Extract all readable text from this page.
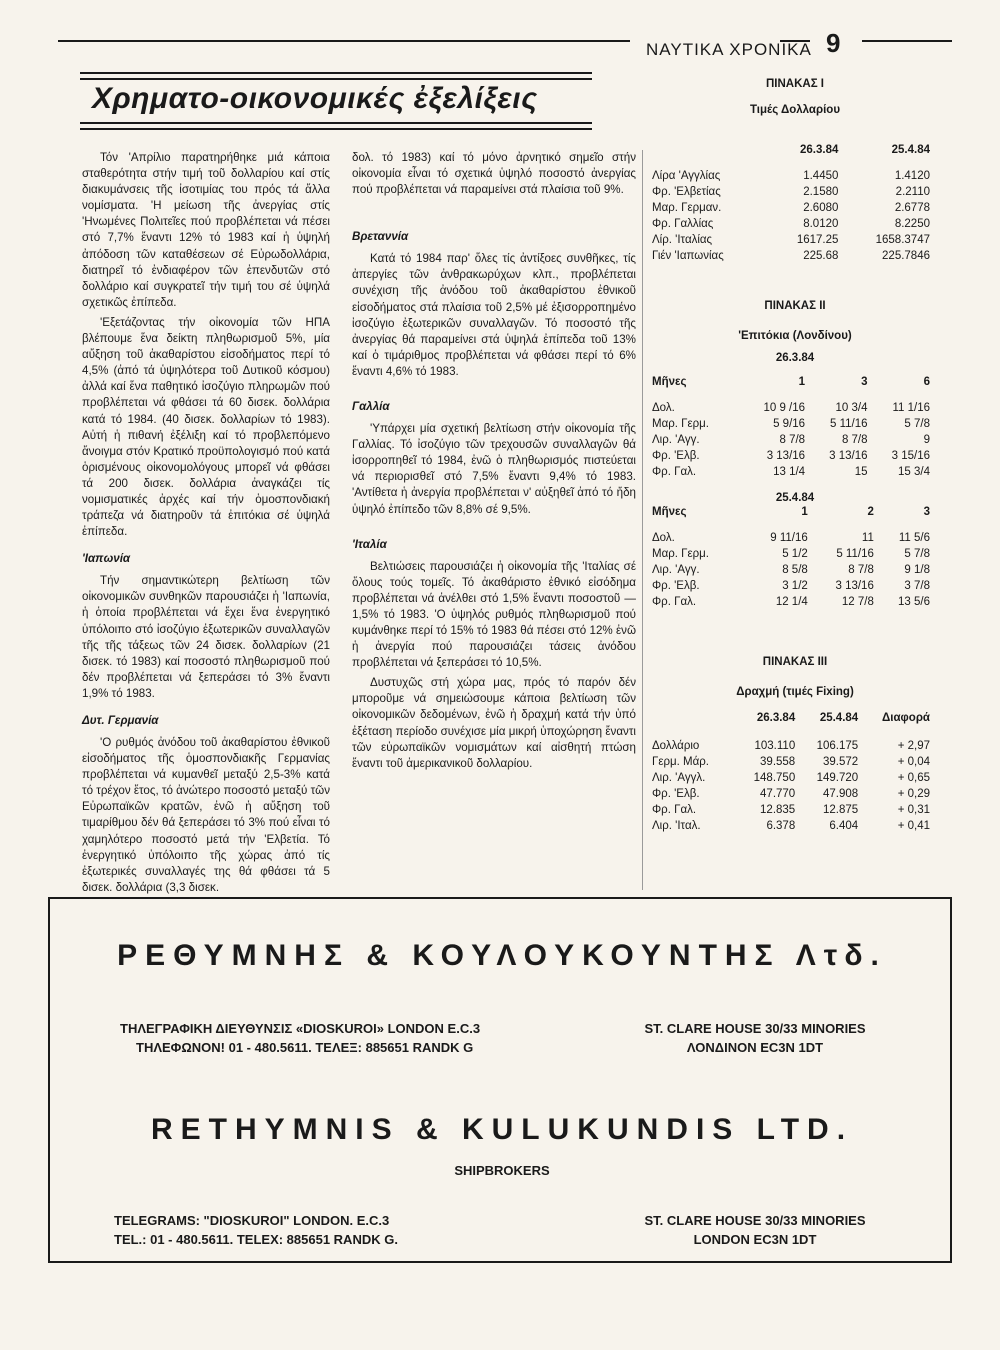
ΝΑΥΤΙΚΑ ΧΡΟΝΙΚΑ 9
Χρηματο-οικονομικές ἐξελίξεις

Τόν 'Απρίλιο παρατηρήθηκε μιά κάποια σταθερότητα στήν τιμή τοῦ δολλαρίου καί στίς διακυμάνσεις τῆς ἰσοτιμίας του πρός τά ἄλλα νομίσματα. 'Η μείωση τῆς ἀνεργίας στίς 'Ηνωμένες Πολιτεῖες πού προβλέπεται νά πέσει στό 7,7% ἔναντι 12% τό 1983 καί ἡ ὑψηλή ἀπόδοση τῶν καταθέσεων σέ Εὐρωδολλάρια, διατηρεῖ τό ἐνδιαφέρον τῶν ἐπενδυτῶν στό δολλάριο καί συγκρατεῖ τήν τιμή του σέ ὑψηλά σχετικῶς ἐπίπεδα.

'Εξετάζοντας τήν οἰκονομία τῶν ΗΠΑ βλέπουμε ἕνα δείκτη πληθωρισμοῦ 5%, μία αὔξηση τοῦ ἀκαθαρίστου εἰσοδήματος περί τό 4,5% (ἀπό τά ὑψηλότερα τοῦ Δυτικοῦ κόσμου) ἀλλά καί ἕνα παθητικό ἰσοζύγιο πληρωμῶν πού προβλέπεται νά φθάσει τά 60 δισεκ. δολλάρια κατά τό 1984. (40 δισεκ. δολλαρίων τό 1983). Αὐτή ἡ πιθανή ἐξέλιξη καί τό προβλεπόμενο ἄνοιγμα στόν Κρατικό προϋπολογισμό πού κατά ὁρισμένους οἰκονομολόγους μπορεῖ νά φθάσει τά 200 δισεκ. δολλάρια ἀναγκάζει τίς νομισματικές ἀρχές καί τήν ὁμοσπονδιακή τράπεζα νά διατηροῦν τά ἐπιτόκια σέ ὑψηλά ἐπίπεδα.

'Ιαπωνία

Τήν σημαντικώτερη βελτίωση τῶν οἰκονομικῶν συνθηκῶν παρουσιάζει ἡ 'Ιαπωνία, ἡ ὁποία προβλέπεται νά ἔχει ἕνα ἐνεργητικό ὑπόλοιπο στό ἰσοζύγιο ἐξωτερικῶν συναλλαγῶν τῆς τῆς τάξεως τῶν 24 δισεκ. δολλαρίων (21 δισεκ. τό 1983) καί ποσοστό πληθωρισμοῦ πού δέν προβλέπεται νά ξεπεράσει τό 3% ἔναντι 1,9% τό 1983.

Δυτ. Γερμανία

'Ο ρυθμός ἀνόδου τοῦ ἀκαθαρίστου ἐθνικοῦ εἰσοδήματος τῆς ὁμοσπονδιακῆς Γερμανίας προβλέπεται νά κυμανθεῖ μεταξύ 2,5-3% κατά τό τρέχον ἔτος, τό ἀνώτερο ποσοστό μεταξύ τῶν Εὐρωπαϊκῶν κρατῶν, ἐνῶ ἡ αὔξηση τοῦ τιμαρίθμου δέν θά ξεπεράσει τό 3% πού εἶναι τό χαμηλότερο ποσοστό μετά τήν 'Ελβετία. Τό ἐνεργητικό ὑπόλοιπο τῆς χώρας ἀπό τίς ἐξωτερικές συναλλαγές της θά φθάσει τά 5 δισεκ. δολλάρια (3,3 δισεκ.

δολ. τό 1983) καί τό μόνο ἀρνητικό σημεῖο στήν οἰκονομία εἶναι τό σχετικά ὑψηλό ποσοστό ἀνεργίας πού προβλέπεται νά παραμείνει στά πλαίσια τοῦ 9%.

Βρεταννία

Κατά τό 1984 παρ' ὅλες τίς ἀντίξοες συνθῆκες, τίς ἀπεργίες τῶν ἀνθρακωρύχων κλπ., προβλέπεται συνέχιση τῆς ἀνόδου τοῦ ἀκαθαρίστου ἐθνικοῦ εἰσοδήματος στά πλαίσια τοῦ 2,5% μέ ἐξισορροπημένο ἰσοζύγιο ἐξωτερικῶν συναλλαγῶν. Τό ποσοστό τῆς ἀνεργίας θά παραμείνει στά ὑψηλά ἐπίπεδα τοῦ 13% καί ὁ τιμάριθμος προβλέπεται νά φθάσει περί τό 6% ἔναντι 4,6% τό 1983.

Γαλλία

'Υπάρχει μία σχετική βελτίωση στήν οἰκονομία τῆς Γαλλίας. Τό ἰσοζύγιο τῶν τρεχουσῶν συναλλαγῶν θά ἰσορροπηθεῖ τό 1984, ἐνῶ ὁ πληθωρισμός πιστεύεται νά περιορισθεῖ στό 7,5% ἔναντι 9,4% τό 1983. 'Αντίθετα ἡ ἀνεργία προβλέπεται ν' αὐξηθεῖ ἀπό τό ἤδη ὑψηλό ἐπίπεδο τῶν 8,8% σέ 9,5%.

'Ιταλία

Βελτιώσεις παρουσιάζει ἡ οἰκονομία τῆς 'Ιταλίας σέ ὅλους τούς τομεῖς. Τό ἀκαθάριστο ἐθνικό εἰσόδημα προβλέπεται νά ἀνέλθει στό 1,5% ἔναντι ποσοστοῦ —1,5% τό 1983. 'Ο ὑψηλός ρυθμός πληθωρισμοῦ πού κυμάνθηκε περί τό 15% τό 1983 θά πέσει στό 12% ἐνῶ ἡ ἀνεργία πού παρουσιάζει τάσεις ἀνόδου προβλέπεται νά ξεπεράσει τό 10,5%.

Δυστυχῶς στή χώρα μας, πρός τό παρόν δέν μποροῦμε νά σημειώσουμε κάποια βελτίωση τῶν οἰκονομικῶν δεδομένων, ἐνῶ ἡ δραχμή κατά τήν ὑπό ἐξέταση περίοδο συνέχισε μία μικρή ὑποχώρηση ἔναντι τῶν εὐρωπαϊκῶν νομισμάτων καί αἰσθητή πτώση ἔναντι τοῦ ἀμερικανικοῦ δολλαρίου.

ΠΙΝΑΚΑΣ Ι
Τιμές Δολλαρίου
	26.3.84	25.4.84

Λίρα 'Αγγλίας	1.4450	1.4120
Φρ. 'Ελβετίας	2.1580	2.2110
Μαρ. Γερμαν.	2.6080	2.6778
Φρ. Γαλλίας	8.0120	8.2250
Λίρ. 'Ιταλίας	1617.25	1658.3747
Γιέν 'Ιαπωνίας	225.68	225.7846
ΠΙΝΑΚΑΣ ΙΙ
'Επιτόκια (Λονδίνου)
26.3.84
Μῆνες	1	3	6

Δολ.	10 9 /16	10 3/4	11 1/16
Μαρ. Γερμ.	5 9/16	5 11/16	5 7/8
Λιρ. 'Αγγ.	8 7/8	8 7/8	9
Φρ. 'Ελβ.	3 13/16	3 13/16	3 15/16
Φρ. Γαλ.	13 1/4	15	15 3/4
25.4.84
Μῆνες	1	2	3

Δολ.	9 11/16	11	11 5/6
Μαρ. Γερμ.	5 1/2	5 11/16	5 7/8
Λιρ. 'Αγγ.	8 5/8	8 7/8	9 1/8
Φρ. 'Ελβ.	3 1/2	3 13/16	3 7/8
Φρ. Γαλ.	12 1/4	12 7/8	13 5/6
ΠΙΝΑΚΑΣ ΙΙΙ
Δραχμή (τιμές Fixing)
	26.3.84	25.4.84	Διαφορά

Δολλάριο	103.110	106.175	+ 2,97
Γερμ. Μάρ.	39.558	39.572	+ 0,04
Λιρ. 'Αγγλ.	148.750	149.720	+ 0,65
Φρ. 'Ελβ.	47.770	47.908	+ 0,29
Φρ. Γαλ.	12.835	12.875	+ 0,31
Λιρ. 'Ιταλ.	6.378	6.404	+ 0,41
ΡΕΘΥΜΝΗΣ & ΚΟΥΛΟΥΚΟΥΝΤΗΣ Λτδ.
ΤΗΛΕΓΡΑΦΙΚΗ ΔΙΕΥΘΥΝΣΙΣ «DIOSKUROI» LONDON E.C.3
ΤΗΛΕΦΩΝΟΝ! 01 - 480.5611. ΤΕΛΕΞ: 885651 RANDK G
ST. CLARE HOUSE 30/33 MINORIES
ΛΟΝΔΙΝΟΝ EC3N 1DT
RETHYMNIS & KULUKUNDIS LTD.
SHIPBROKERS
TELEGRAMS: "DIOSKUROI" LONDON. E.C.3
TEL.: 01 - 480.5611. TELEX: 885651 RANDK G.
ST. CLARE HOUSE 30/33 MINORIES
LONDON EC3N 1DT
